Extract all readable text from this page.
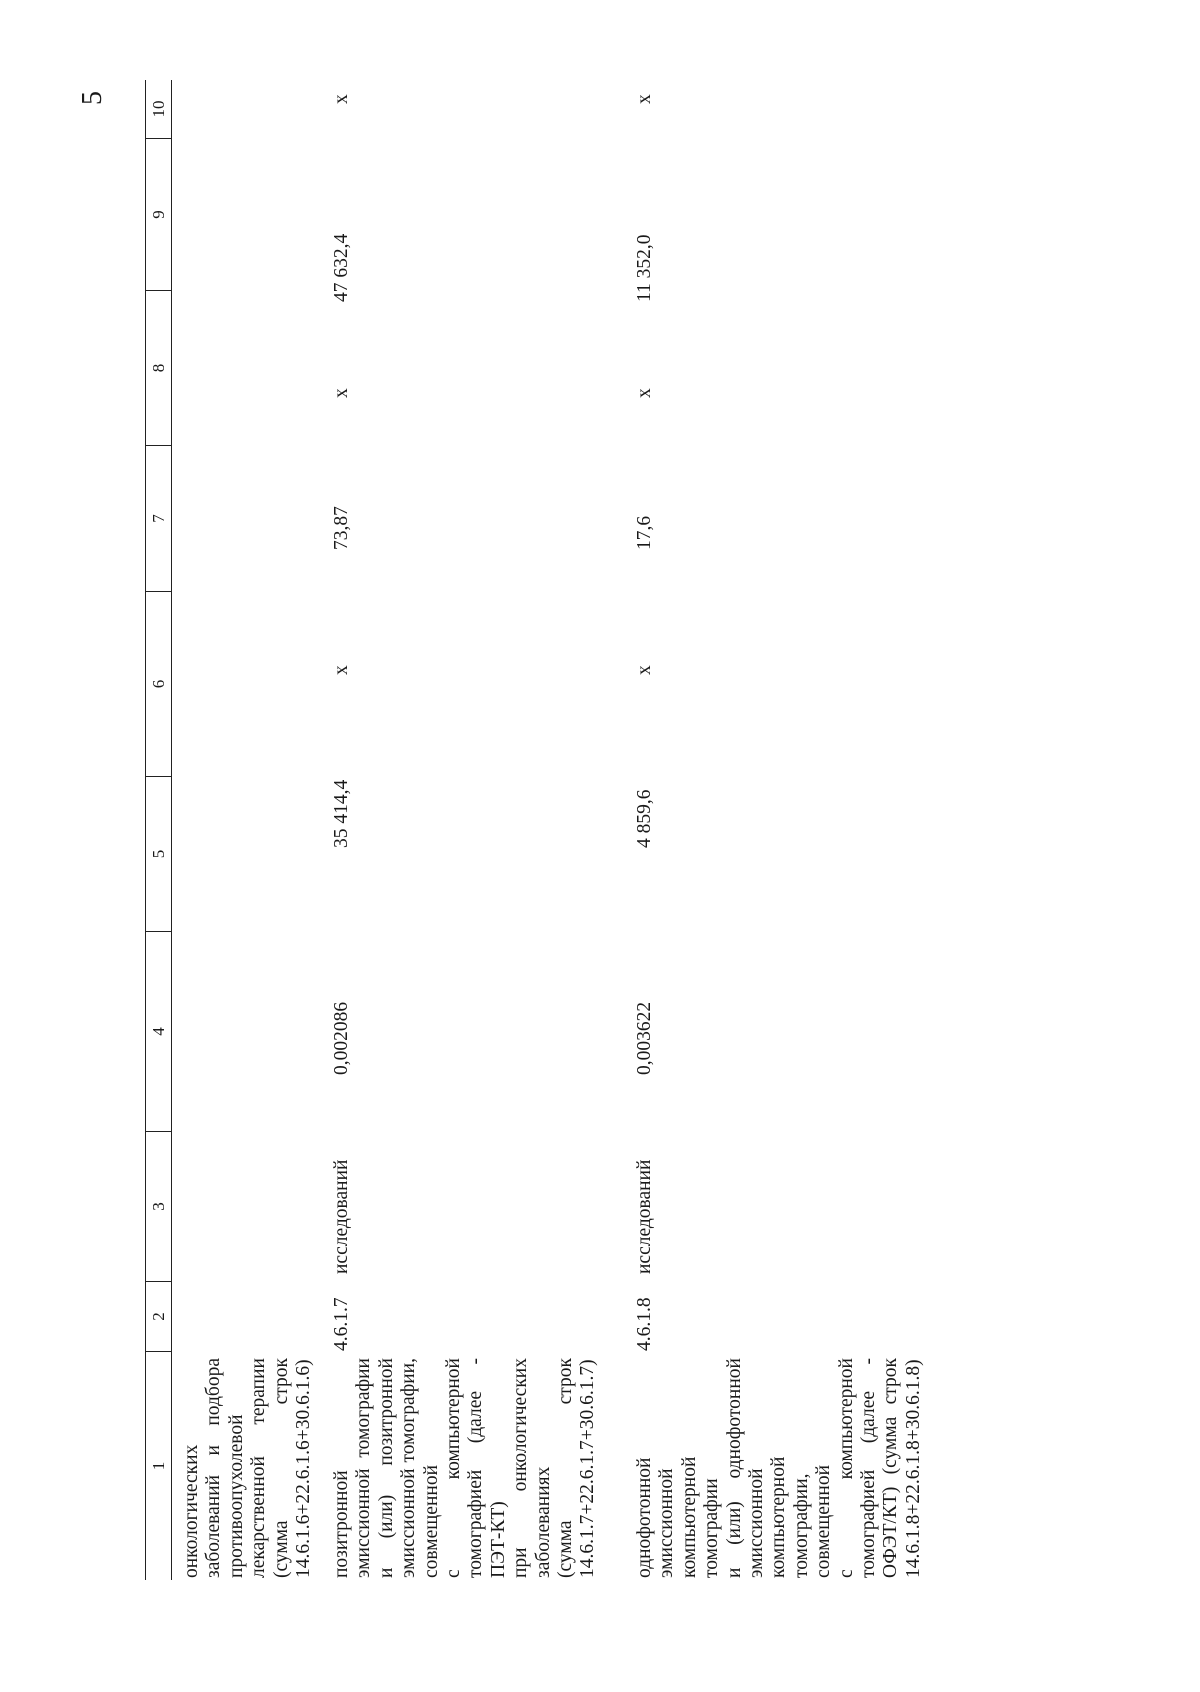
5
1
2
3
4
5
6
7
8
9
10
онкологических заболеваний и подбора противоопухолевой лекарственной терапии (сумма строк 14.6.1.6+22.6.1.6+30.6.1.6) позитронной эмиссионной томографии и (или) позитронной эмиссионной томографии, совмещенной с компьютерной томографией (далее - ПЭТ-КТ) при онкологических заболеваниях (сумма строк 14.6.1.7+22.6.1.7+30.6.1.7)
4.6.1.7
исследований
0,002086
35 414,4
x
73,87
x
47 632,4
x
однофотонной эмиссионной компьютерной томографии и (или) однофотонной эмиссионной компьютерной томографии, совмещенной с компьютерной томографией (далее - ОФЭТ/КТ) (сумма строк 14.6.1.8+22.6.1.8+30.6.1.8)
4.6.1.8
исследований
0,003622
4 859,6
x
17,6
x
11 352,0
x
